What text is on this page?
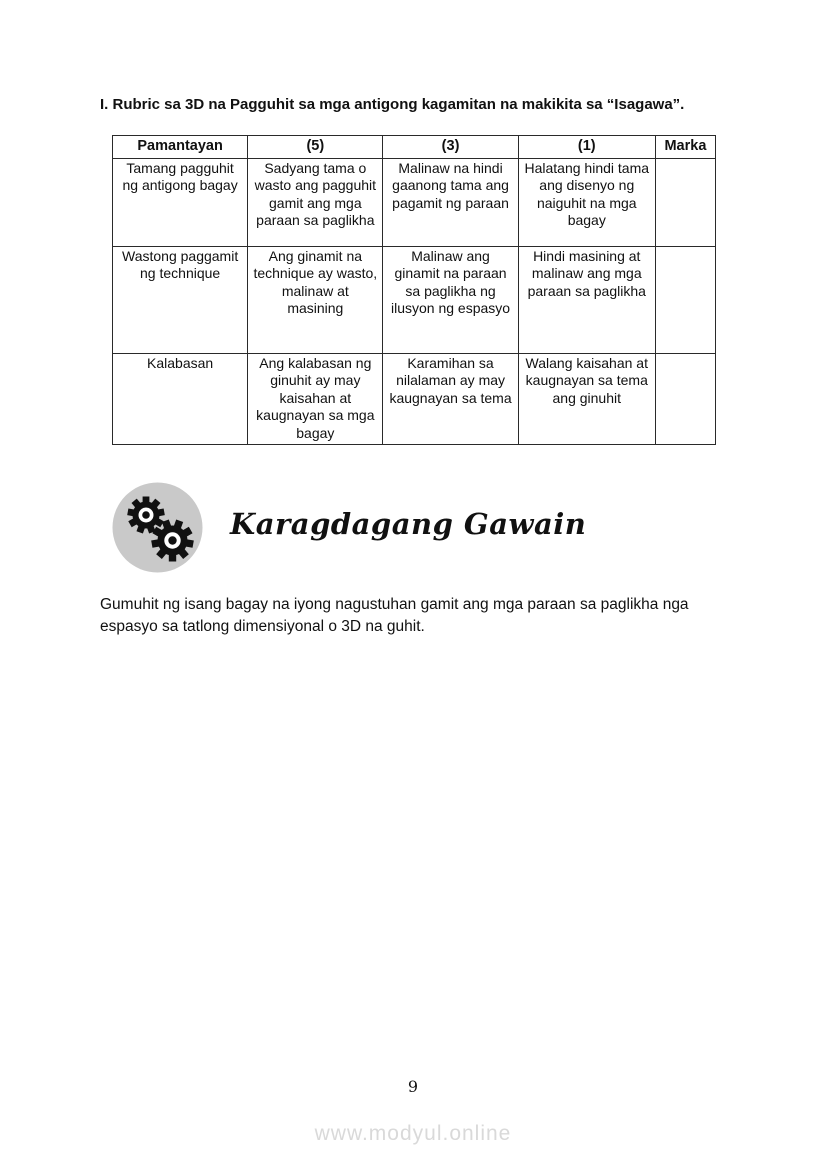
I. Rubric sa 3D na Pagguhit sa mga antigong kagamitan na makikita sa “Isagawa”.
Pamantayan	(5)	(3)	(1)	Marka
Tamang pagguhit ng antigong bagay	Sadyang tama o wasto ang pagguhit gamit ang mga paraan sa paglikha	Malinaw na hindi gaanong tama ang pagamit ng paraan	Halatang hindi tama ang disenyo ng naiguhit na mga bagay	
Wastong paggamit ng technique	Ang ginamit na technique ay wasto, malinaw at masining	Malinaw ang ginamit na paraan sa paglikha ng ilusyon ng espasyo	Hindi masining at malinaw ang mga paraan sa paglikha	
Kalabasan	Ang kalabasan ng ginuhit ay may kaisahan at kaugnayan sa mga bagay	Karamihan sa nilalaman ay may kaugnayan sa tema	Walang kaisahan at kaugnayan sa tema ang ginuhit	
Karagdagang Gawain

Gumuhit ng isang bagay na iyong nagustuhan gamit ang mga paraan sa paglikha nga espasyo sa tatlong dimensiyonal o 3D na guhit.

9
www.modyul.online
